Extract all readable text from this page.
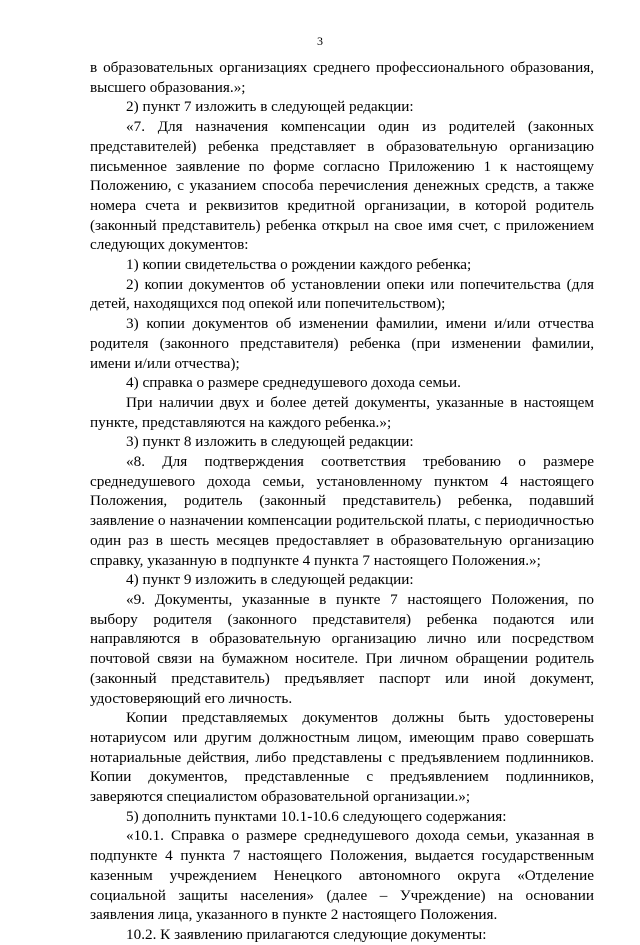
3

в образовательных организациях среднего профессионального образования, высшего образования.»;

2) пункт 7 изложить в следующей редакции:

«7. Для назначения компенсации один из родителей (законных представителей) ребенка представляет в образовательную организацию письменное заявление по форме согласно Приложению 1 к настоящему Положению, с указанием способа перечисления денежных средств, а также номера счета и реквизитов кредитной организации, в которой родитель (законный представитель) ребенка открыл на свое имя счет, с приложением следующих документов:

1) копии свидетельства о рождении каждого ребенка;

2) копии документов об установлении опеки или попечительства (для детей, находящихся под опекой или попечительством);

3) копии документов об изменении фамилии, имени и/или отчества родителя (законного представителя) ребенка (при изменении фамилии, имени и/или отчества);

4) справка о размере среднедушевого дохода семьи.

При наличии двух и более детей документы, указанные в настоящем пункте, представляются на каждого ребенка.»;

3) пункт 8 изложить в следующей редакции:

«8. Для подтверждения соответствия требованию о размере среднедушевого дохода семьи, установленному пунктом 4 настоящего Положения, родитель (законный представитель) ребенка, подавший заявление о назначении компенсации родительской платы, с периодичностью один раз в шесть месяцев предоставляет в образовательную организацию справку, указанную в подпункте 4 пункта 7 настоящего Положения.»;

4) пункт 9 изложить в следующей редакции:

«9. Документы, указанные в пункте 7 настоящего Положения, по выбору родителя (законного представителя) ребенка подаются или направляются в образовательную организацию лично или посредством почтовой связи на бумажном носителе. При личном обращении родитель (законный представитель) предъявляет паспорт или иной документ, удостоверяющий его личность.

Копии представляемых документов должны быть удостоверены нотариусом или другим должностным лицом, имеющим право совершать нотариальные действия, либо представлены с предъявлением подлинников. Копии документов, представленные с предъявлением подлинников, заверяются специалистом образовательной организации.»;

5) дополнить пунктами 10.1-10.6 следующего содержания:

«10.1. Справка о размере среднедушевого дохода семьи, указанная в подпункте 4 пункта 7 настоящего Положения, выдается государственным казенным учреждением Ненецкого автономного округа «Отделение социальной защиты населения» (далее – Учреждение) на основании заявления лица, указанного в пункте 2 настоящего Положения.

10.2. К заявлению прилагаются следующие документы:
